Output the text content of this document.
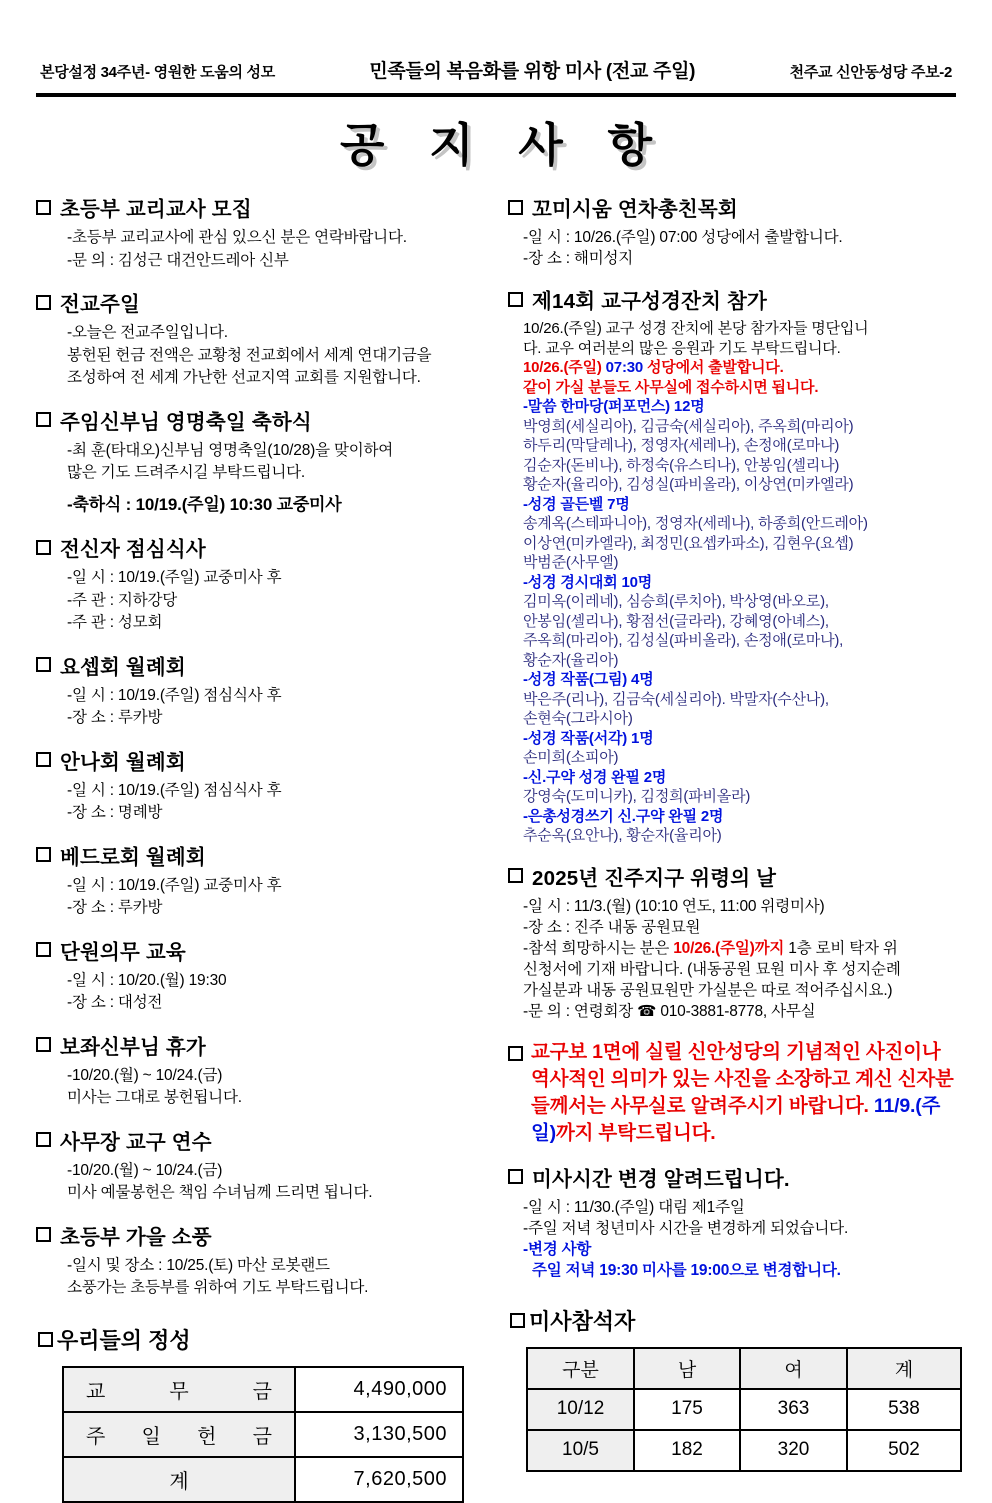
본당설정 34주년- 영원한 도움의 성모	민족들의 복음화를 위항 미사 (전교 주일)	천주교 신안동성당 주보-2
공 지 사 항
초등부 교리교사 모집
-초등부 교리교사에 관심 있으신 분은 연락바랍니다.
-문 의 : 김성근 대건안드레아 신부
전교주일
-오늘은 전교주일입니다.
봉헌된 헌금 전액은 교황청 전교회에서 세계 연대기금을
조성하여 전 세계 가난한 선교지역 교회를 지원합니다.
주임신부님 영명축일 축하식
-최 훈(타대오)신부님 영명축일(10/28)을 맞이하여
많은 기도 드려주시길 부탁드립니다.
-축하식 : 10/19.(주일) 10:30 교중미사
전신자 점심식사
-일 시 : 10/19.(주일) 교중미사 후
-주 관 : 지하강당
-주 관 : 성모회
요셉회 월례회
-일 시 : 10/19.(주일) 점심식사 후
-장 소 : 루카방
안나회 월례회
-일 시 : 10/19.(주일) 점심식사 후
-장 소 : 명례방
베드로회 월례회
-일 시 : 10/19.(주일) 교중미사 후
-장 소 : 루카방
단원의무 교육
-일 시 : 10/20.(월) 19:30
-장 소 : 대성전
보좌신부님 휴가
-10/20.(월) ~ 10/24.(금)
미사는 그대로 봉헌됩니다.
사무장 교구 연수
-10/20.(월) ~ 10/24.(금)
미사 예물봉헌은 책임 수녀님께 드리면 됩니다.
초등부 가을 소풍
-일시 및 장소 : 10/25.(토) 마산 로봇랜드
소풍가는 초등부를 위하여 기도 부탁드립니다.
우리들의 정성
교 무 금	4,490,000
주 일 헌 금	3,130,500
계	7,620,500
꼬미시움 연차총친목회
-일 시 : 10/26.(주일) 07:00 성당에서 출발합니다.
-장 소 : 해미성지
제14회 교구성경잔치 참가
10/26.(주일) 교구 성경 잔치에 본당 참가자들 명단입니
다. 교우 여러분의 많은 응원과 기도 부탁드립니다.
10/26.(주일) 07:30 성당에서 출발합니다.
같이 가실 분들도 사무실에 접수하시면 됩니다.
-말씀 한마당(퍼포먼스) 12명
박영희(세실리아), 김금숙(세실리아), 주옥희(마리아)
하두리(막달레나), 정영자(세레나), 손정애(로마나)
김순자(돈비나), 하정숙(유스티나), 안봉임(셀리나)
황순자(율리아), 김성실(파비올라), 이상연(미카엘라)
-성경 골든벨 7명
송계옥(스테파니아), 정영자(세레나), 하종희(안드레아)
이상연(미카엘라), 최정민(요셉카파소), 김현우(요셉)
박범준(사무엘)
-성경 경시대회 10명
김미옥(이레네), 심승희(루치아), 박상영(바오로),
안봉임(셀리나), 황점선(글라라), 강혜영(아녜스),
주옥희(마리아), 김성실(파비올라), 손정애(로마나),
황순자(율리아)
-성경 작품(그림) 4명
박은주(리나), 김금숙(세실리아). 박말자(수산나),
손현숙(그라시아)
-성경 작품(서각) 1명
손미희(소피아)
-신.구약 성경 완필 2명
강영숙(도미니카), 김정희(파비올라)
-은총성경쓰기 신.구약 완필 2명
추순옥(요안나), 황순자(율리아)
2025년 진주지구 위령의 날
-일 시 : 11/3.(월) (10:10 연도, 11:00 위령미사)
-장 소 : 진주 내동 공원묘원
-참석 희망하시는 분은 10/26.(주일)까지 1층 로비 탁자 위
신청서에 기재 바랍니다. (내동공원 묘원 미사 후 성지순례
가실분과 내동 공원묘원만 가실분은 따로 적어주십시요.)
-문 의 : 연령회장 ☎ 010-3881-8778, 사무실
교구보 1면에 실릴 신안성당의 기념적인 사진이나 역사적인 의미가 있는 사진을 소장하고 계신 신자분들께서는 사무실로 알려주시기 바랍니다. 11/9.(주일)까지 부탁드립니다.
미사시간 변경 알려드립니다.
-일 시 : 11/30.(주일) 대림 제1주일
-주일 저녁 청년미사 시간을 변경하게 되었습니다.
-변경 사항
주일 저녁 19:30 미사를 19:00으로 변경합니다.
미사참석자
구분	남	여	계
10/12	175	363	538
10/5	182	320	502
